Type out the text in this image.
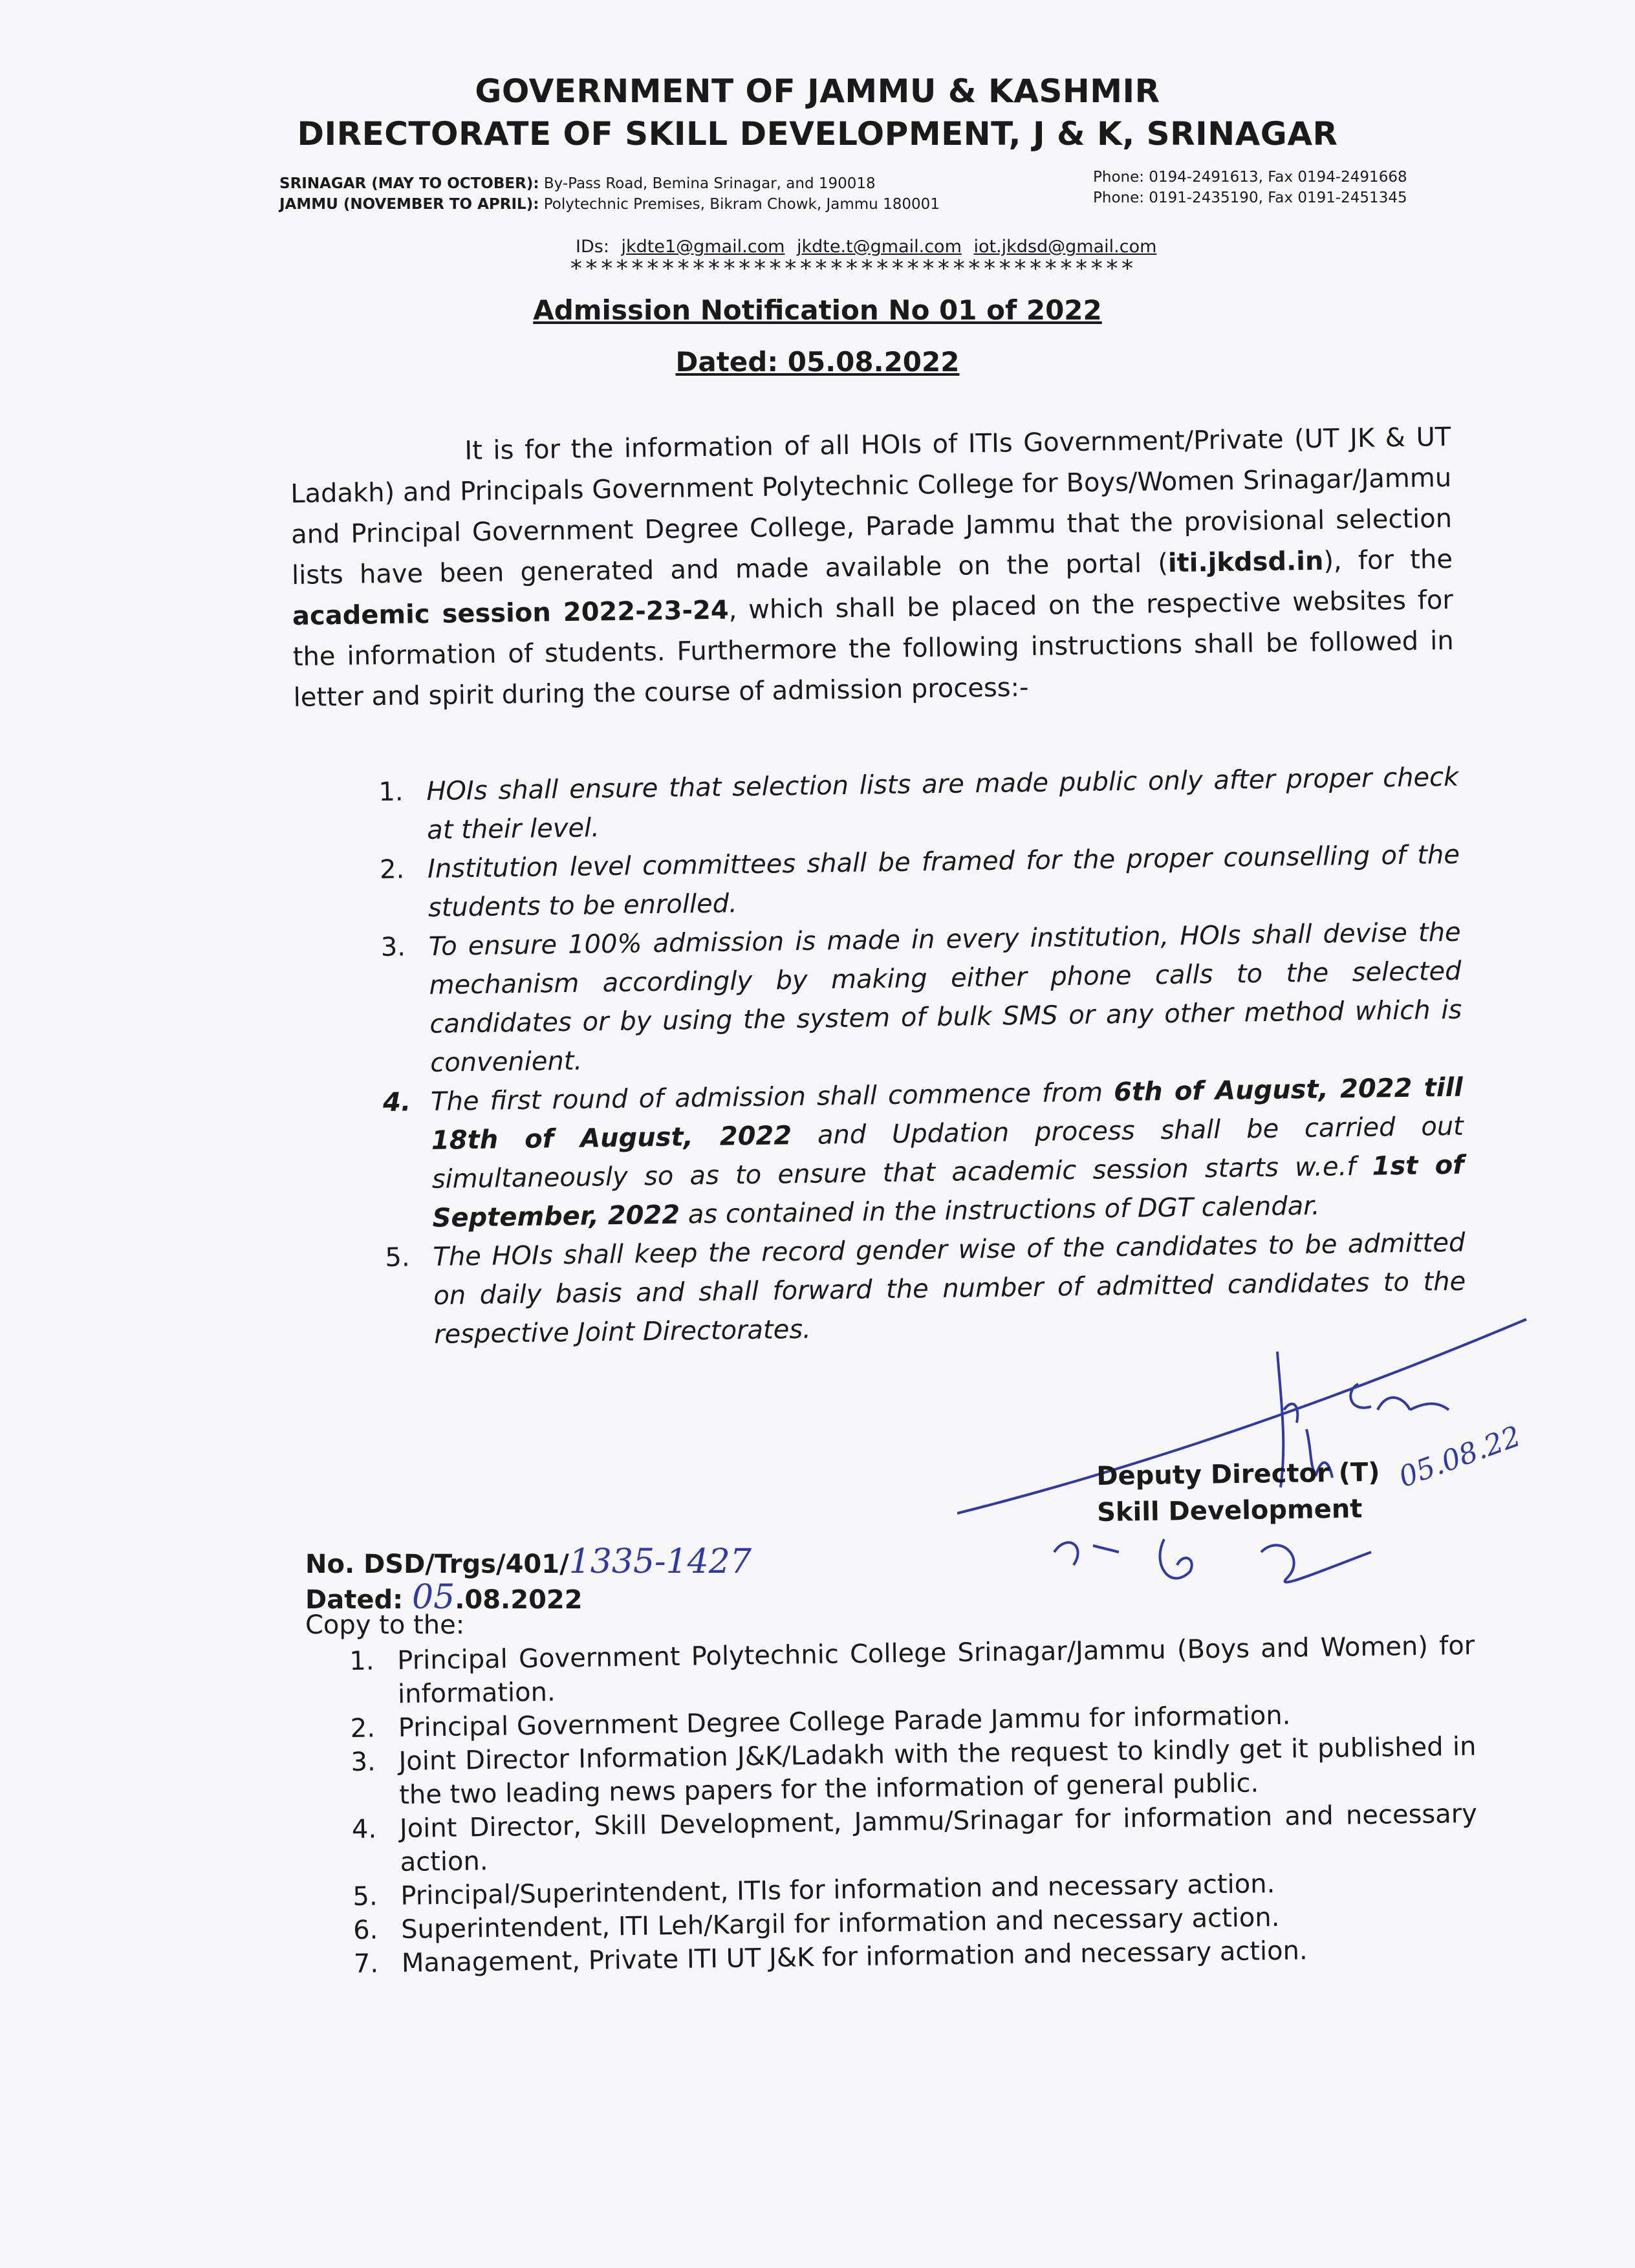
GOVERNMENT OF JAMMU & KASHMIR
DIRECTORATE OF SKILL DEVELOPMENT, J & K, SRINAGAR
SRINAGAR (MAY TO OCTOBER): By-Pass Road, Bemina Srinagar, and 190018
JAMMU (NOVEMBER TO APRIL): Polytechnic Premises, Bikram Chowk, Jammu 180001
Phone: 0194-2491613, Fax 0194-2491668
Phone: 0191-2435190, Fax 0191-2451345
IDs: jkdte1@gmail.com jkdte.t@gmail.com iot.jkdsd@gmail.com
*************************************
Admission Notification No 01 of 2022
Dated: 05.08.2022
It is for the information of all HOIs of ITIs Government/Private (UT JK & UT Ladakh) and Principals Government Polytechnic College for Boys/Women Srinagar/Jammu and Principal Government Degree College, Parade Jammu that the provisional selection lists have been generated and made available on the portal (iti.jkdsd.in), for the academic session 2022-23-24, which shall be placed on the respective websites for the information of students. Furthermore the following instructions shall be followed in letter and spirit during the course of admission process:-
1. HOIs shall ensure that selection lists are made public only after proper check at their level.
2. Institution level committees shall be framed for the proper counselling of the students to be enrolled.
3. To ensure 100% admission is made in every institution, HOIs shall devise the mechanism accordingly by making either phone calls to the selected candidates or by using the system of bulk SMS or any other method which is convenient.
4. The first round of admission shall commence from 6th of August, 2022 till 18th of August, 2022 and Updation process shall be carried out simultaneously so as to ensure that academic session starts w.e.f 1st of September, 2022 as contained in the instructions of DGT calendar.
5. The HOIs shall keep the record gender wise of the candidates to be admitted on daily basis and shall forward the number of admitted candidates to the respective Joint Directorates.
05.08.22
Deputy Director (T)
Skill Development
No. DSD/Trgs/401/1335-1427
Dated: 05.08.2022
Copy to the:
1. Principal Government Polytechnic College Srinagar/Jammu (Boys and Women) for information.
2. Principal Government Degree College Parade Jammu for information.
3. Joint Director Information J&K/Ladakh with the request to kindly get it published in the two leading news papers for the information of general public.
4. Joint Director, Skill Development, Jammu/Srinagar for information and necessary action.
5. Principal/Superintendent, ITIs for information and necessary action.
6. Superintendent, ITI Leh/Kargil for information and necessary action.
7. Management, Private ITI UT J&K for information and necessary action.
